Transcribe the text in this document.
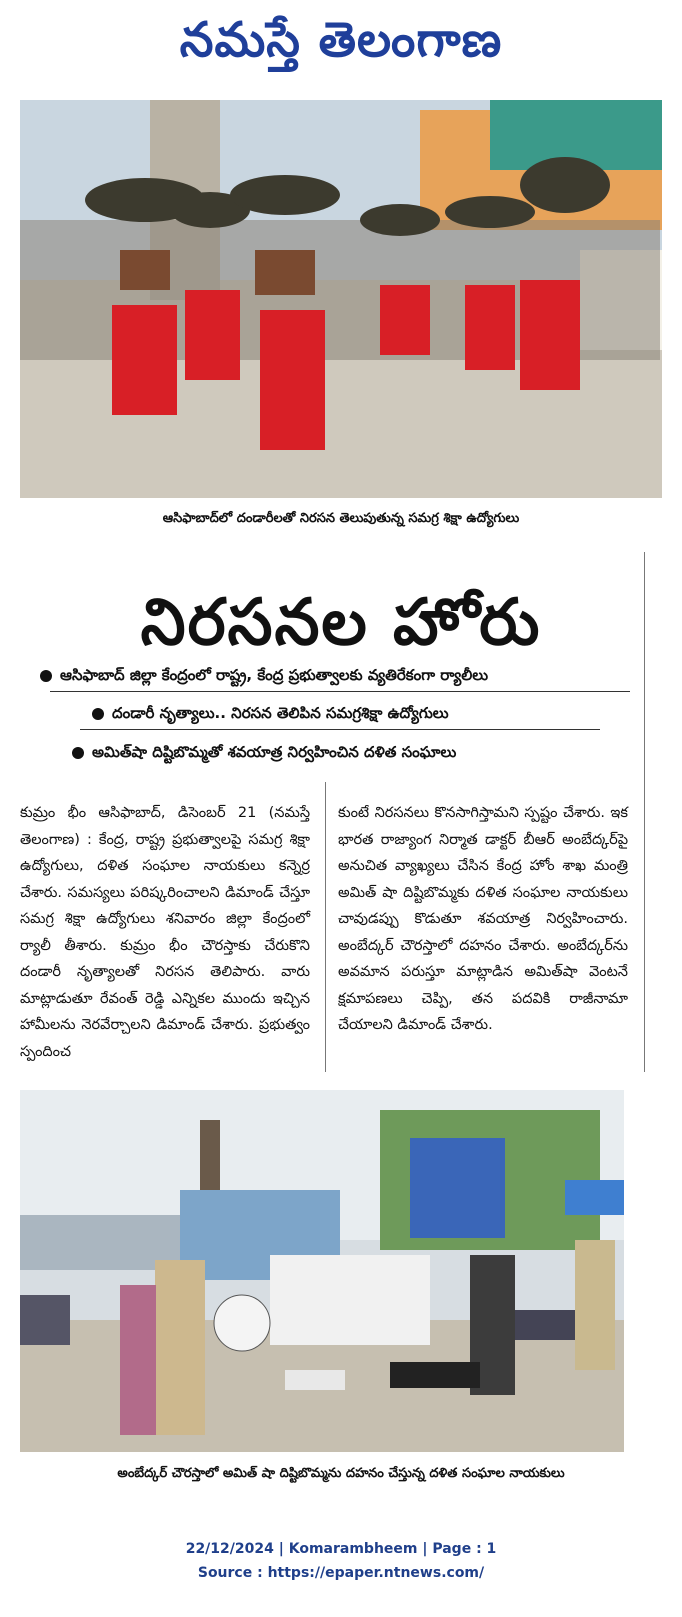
నమస్తే తెలంగాణ
ఆసిఫాబాద్‌లో దండారీలతో నిరసన తెలుపుతున్న సమగ్ర శిక్షా ఉద్యోగులు
నిరసనల హోరు
ఆసిఫాబాద్ జిల్లా కేంద్రంలో రాష్ట్ర, కేంద్ర ప్రభుత్వాలకు వ్యతిరేకంగా ర్యాలీలు
దండారీ నృత్యాలు.. నిరసన తెలిపిన సమగ్రశిక్షా ఉద్యోగులు
అమిత్‌షా దిష్టిబొమ్మతో శవయాత్ర నిర్వహించిన దళిత సంఘాలు
కుమ్రం భీం ఆసిఫాబాద్, డిసెంబర్ 21 (నమస్తే తెలంగాణ) : కేంద్ర, రాష్ట్ర ప్రభుత్వాలపై సమగ్ర శిక్షా ఉద్యోగులు, దళిత సంఘాల నాయకులు కన్నెర్ర చేశారు. సమస్యలు పరిష్కరించాలని డిమాండ్ చేస్తూ సమగ్ర శిక్షా ఉద్యోగులు శనివారం జిల్లా కేంద్రంలో ర్యాలీ తీశారు. కుమ్రం భీం చౌరస్తాకు చేరుకొని దండారీ నృత్యాలతో నిరసన తెలిపారు. వారు మాట్లాడుతూ రేవంత్ రెడ్డి ఎన్నికల ముందు ఇచ్చిన హామీలను నెరవేర్చాలని డిమాండ్ చేశారు. ప్రభుత్వం స్పందించ
కుంటే నిరసనలు కొనసాగిస్తామని స్పష్టం చేశారు. ఇక భారత రాజ్యాంగ నిర్మాత డాక్టర్ బీఆర్ అంబేద్కర్‌పై అనుచిత వ్యాఖ్యలు చేసిన కేంద్ర హోం శాఖ మంత్రి అమిత్ షా దిష్టిబొమ్మకు దళిత సంఘాల నాయకులు చావుడప్పు కొడుతూ శవయాత్ర నిర్వహించారు. అంబేద్కర్ చౌరస్తాలో దహనం చేశారు. అంబేద్కర్‌ను అవమాన పరుస్తూ మాట్లాడిన అమిత్‌షా వెంటనే క్షమాపణలు చెప్పి, తన పదవికి రాజీనామా చేయాలని డిమాండ్ చేశారు.
అంబేద్కర్ చౌరస్తాలో అమిత్ షా దిష్టిబొమ్మను దహనం చేస్తున్న దళిత సంఘాల నాయకులు
22/12/2024 | Komarambheem | Page : 1
Source : https://epaper.ntnews.com/
